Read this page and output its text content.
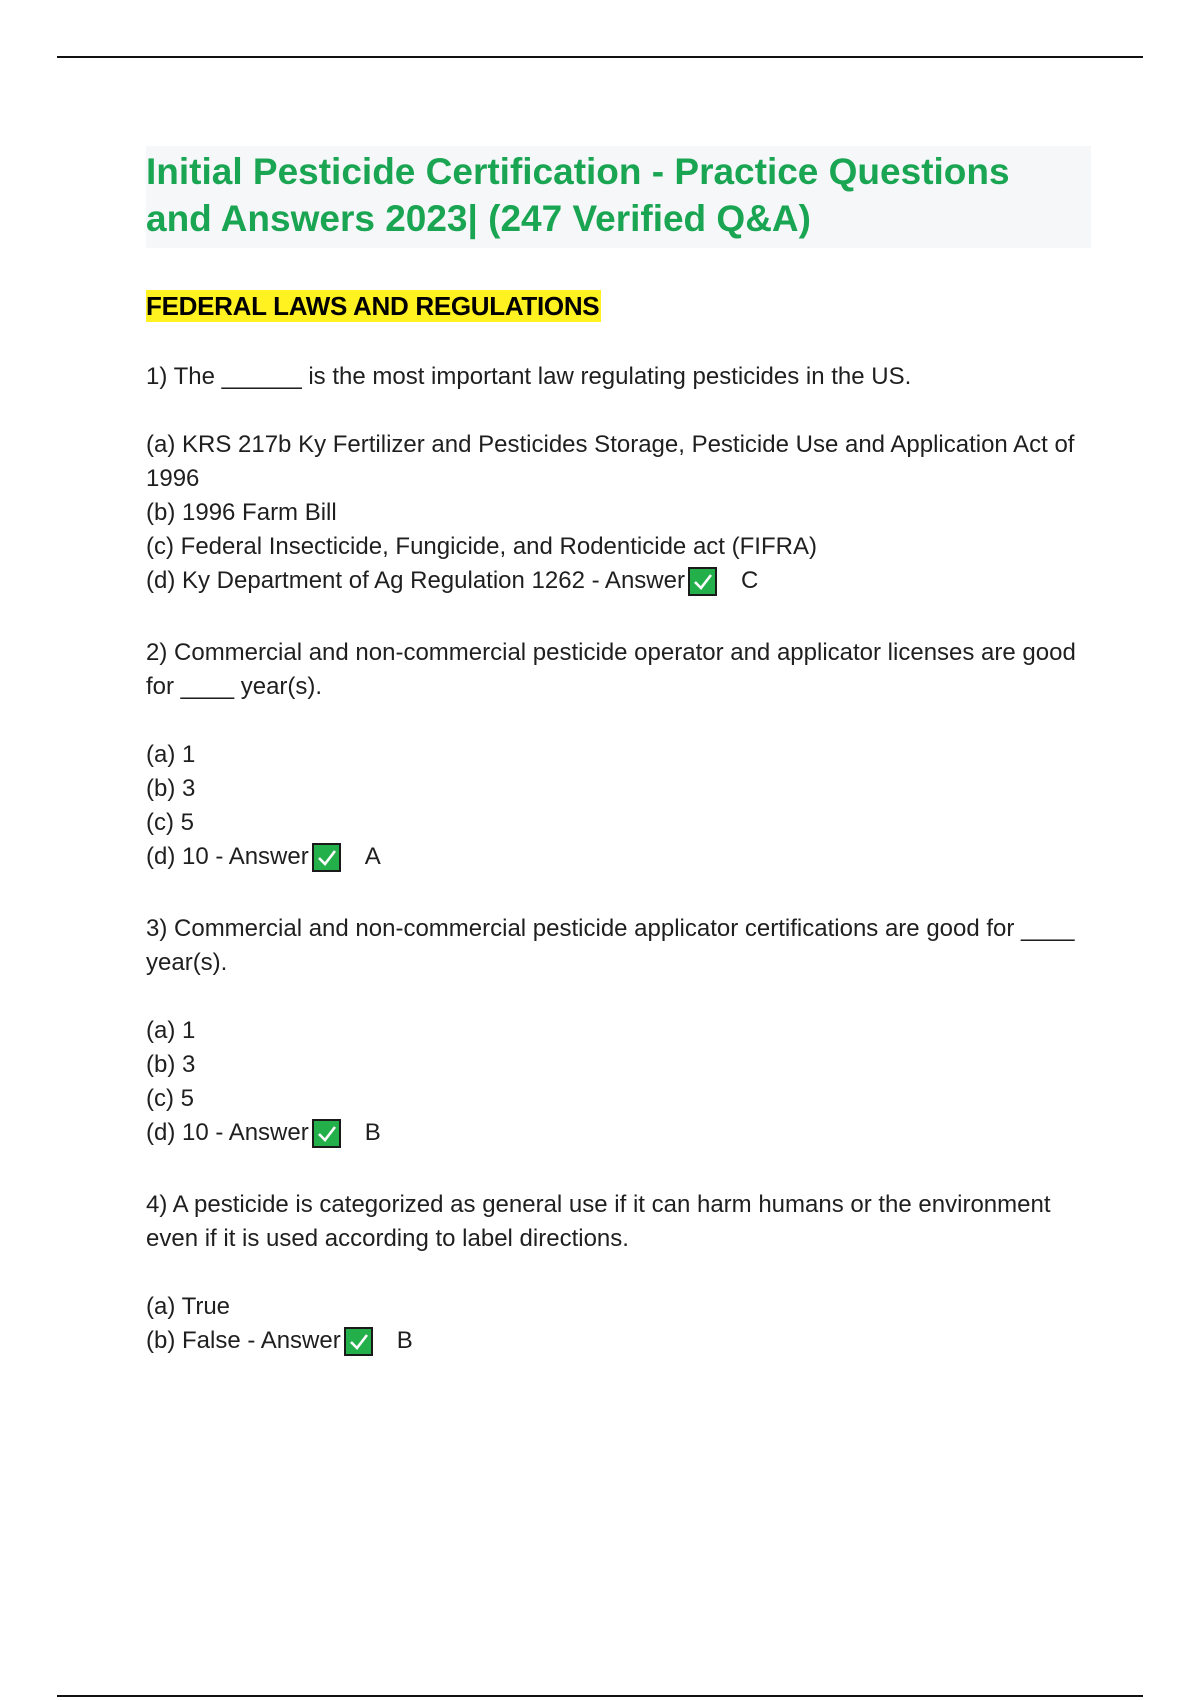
Initial Pesticide Certification - Practice Questions and Answers 2023| (247 Verified Q&A)
FEDERAL LAWS AND REGULATIONS
1) The ______ is the most important law regulating pesticides in the US.
(a) KRS 217b Ky Fertilizer and Pesticides Storage, Pesticide Use and Application Act of 1996
(b) 1996 Farm Bill
(c) Federal Insecticide, Fungicide, and Rodenticide act (FIFRA)
(d) Ky Department of Ag Regulation 1262 - Answer C
2) Commercial and non-commercial pesticide operator and applicator licenses are good for ____ year(s).
(a) 1
(b) 3
(c) 5
(d) 10 - Answer A
3) Commercial and non-commercial pesticide applicator certifications are good for ____ year(s).
(a) 1
(b) 3
(c) 5
(d) 10 - Answer B
4) A pesticide is categorized as general use if it can harm humans or the environment even if it is used according to label directions.
(a) True
(b) False - Answer B
